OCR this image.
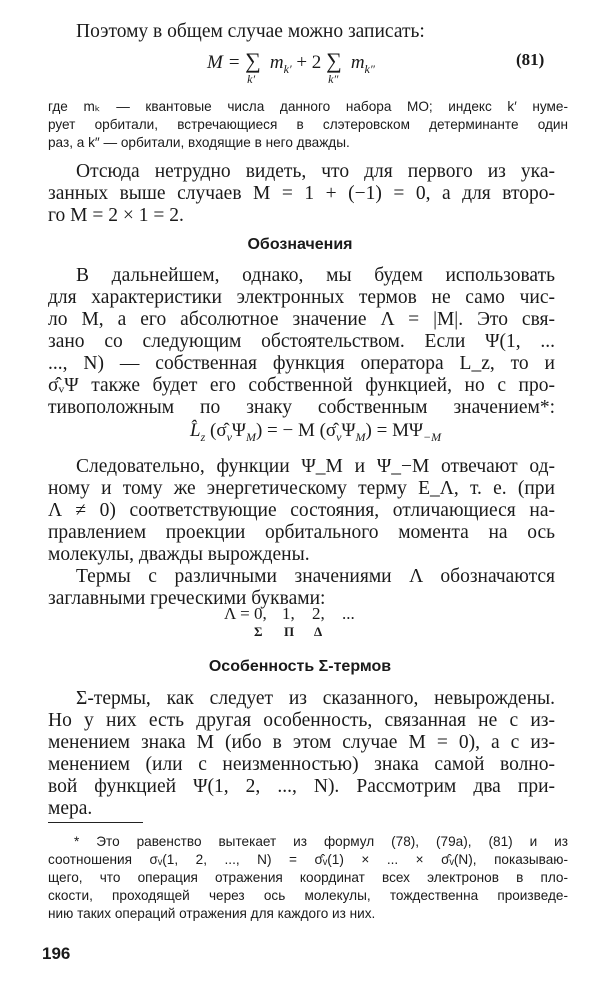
Поэтому в общем случае можно записать:
M = ∑
k′
$m_{k'} + 2$ ∑
k″
$m_{k''}$	(81)
где mₖ — квантовые числа данного набора МО; индекс k′ нуме-
рует орбитали, встречающиеся в слэтеровском детерминанте один
раз, а k″ — орбитали, входящие в него дважды.
Отсюда нетрудно видеть, что для первого из ука-
занных выше случаев M = 1 + (−1) = 0, а для второ-
го M = 2 × 1 = 2.
Обозначения
В дальнейшем, однако, мы будем использовать
для характеристики электронных термов не само чис-
ло M, а его абсолютное значение Λ = |M|. Это свя-
зано со следующим обстоятельством. Если Ψ(1, ...
..., N) — собственная функция оператора L_z, то и
σ̂ᵥΨ также будет его собственной функцией, но с про-
тивоположным по знаку собственным значением*:
$L̂_z$ $(\sigmâ_v\Psi_M)$ = − M $(\sigmâ_v\Psi_M) = M\Psi_{-M}$
Следовательно, функции Ψ_M и Ψ_−M отвечают од-
ному и тому же энергетическому терму E_Λ, т. е. (при
Λ ≠ 0) соответствующие состояния, отличающиеся на-
правлением проекции орбитального момента на ось
молекулы, дважды вырождены.
Термы с различными значениями Λ обозначаются
заглавными греческими буквами:
Λ = 0, 1, 2, ...
Σ Π Δ
Особенность Σ-термов
Σ-термы, как следует из сказанного, невырождены.
Но у них есть другая особенность, связанная не с из-
менением знака M (ибо в этом случае M = 0), а с из-
менением (или с неизменностью) знака самой волно-
вой функцией Ψ(1, 2, ..., N). Рассмотрим два при-
мера.
* Это равенство вытекает из формул (78), (79а), (81) и из
соотношения σᵥ(1, 2, ..., N) = σ̂ᵥ(1) × ... × σ̂ᵥ(N), показываю-
щего, что операция отражения координат всех электронов в пло-
скости, проходящей через ось молекулы, тождественна произведе-
нию таких операций отражения для каждого из них.
196
